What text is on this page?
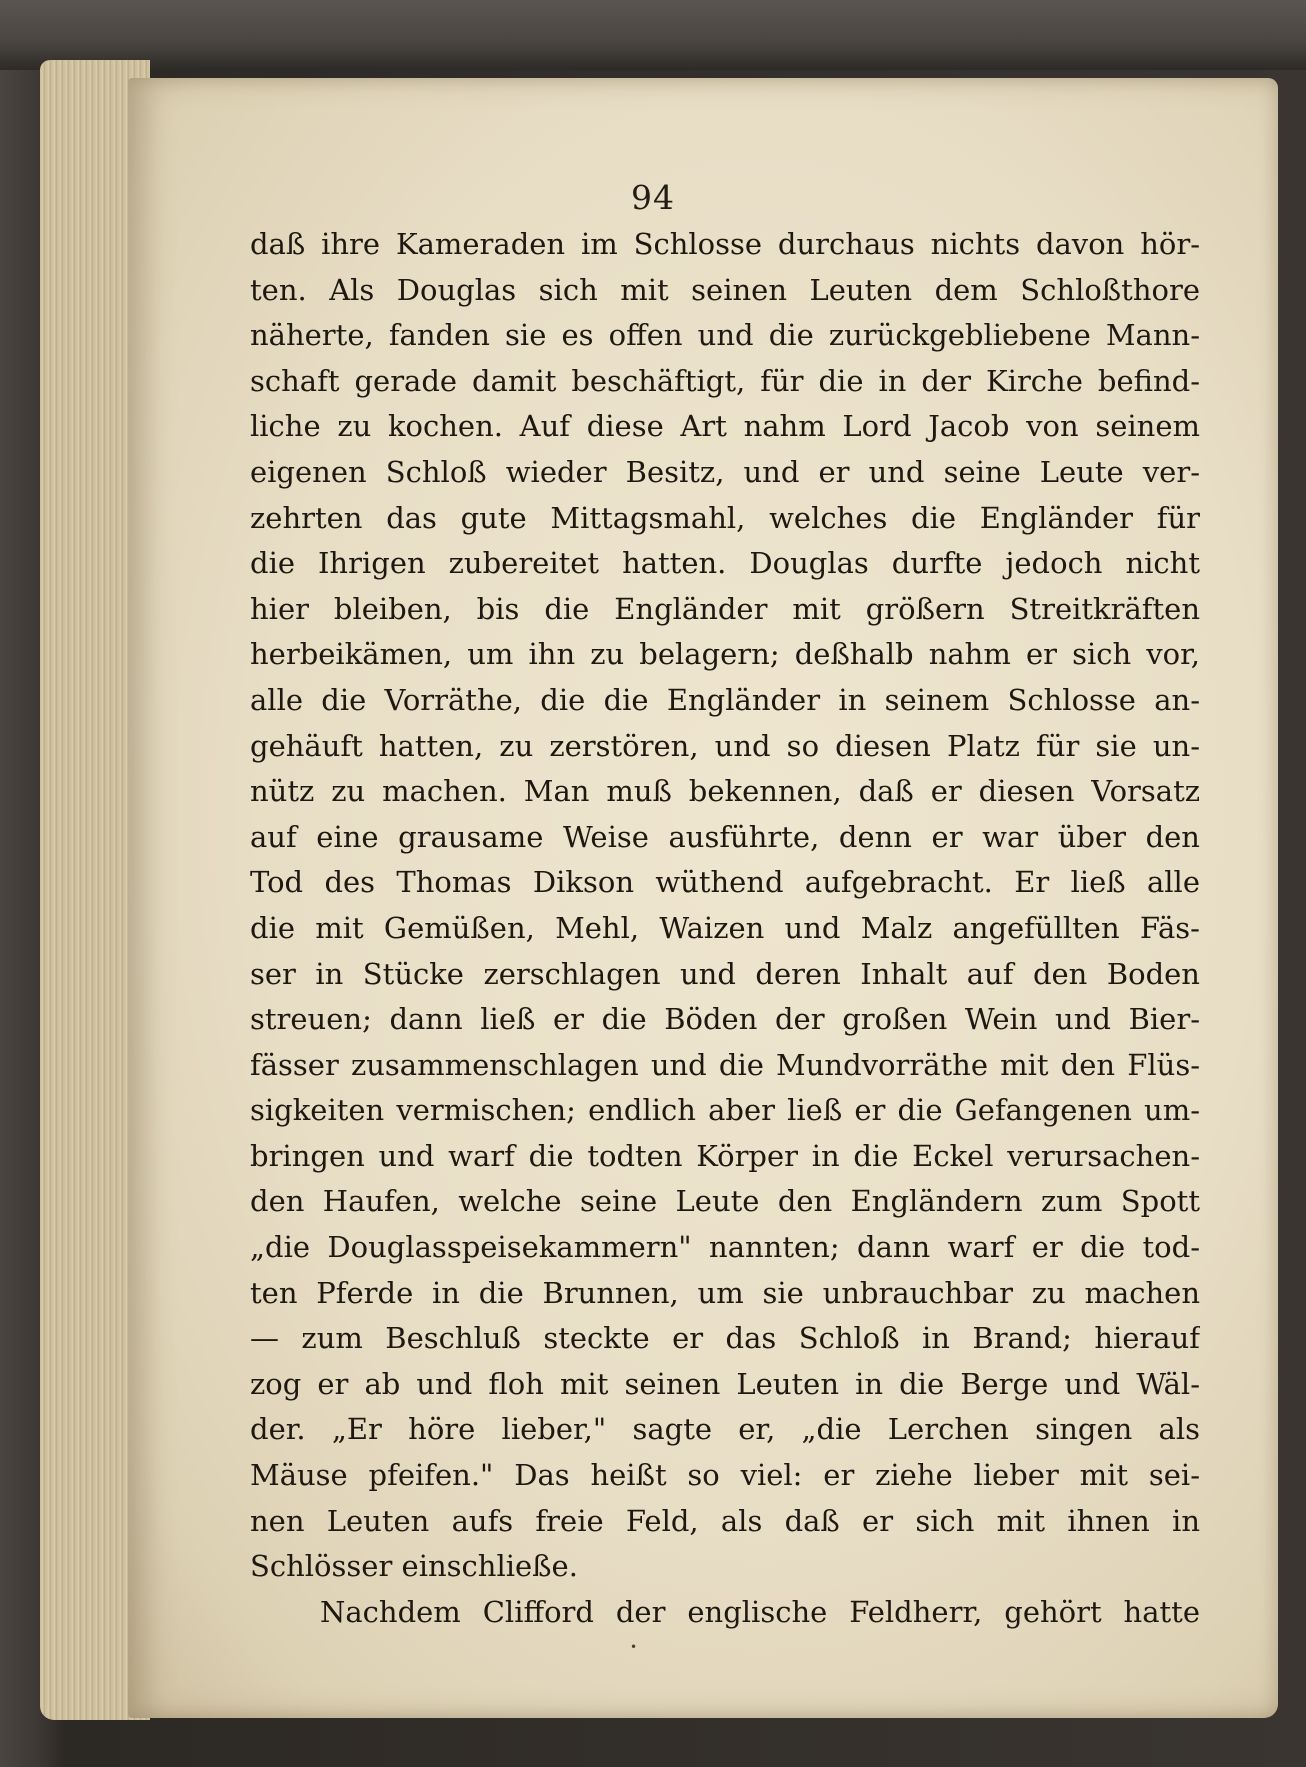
94
daß ihre Kameraden im Schlosse durchaus nichts davon hör-
ten. Als Douglas sich mit seinen Leuten dem Schloßthore
näherte, fanden sie es offen und die zurückgebliebene Mann-
schaft gerade damit beschäftigt, für die in der Kirche befind-
liche zu kochen. Auf diese Art nahm Lord Jacob von seinem
eigenen Schloß wieder Besitz, und er und seine Leute ver-
zehrten das gute Mittagsmahl, welches die Engländer für
die Ihrigen zubereitet hatten. Douglas durfte jedoch nicht
hier bleiben, bis die Engländer mit größern Streitkräften
herbeikämen, um ihn zu belagern; deßhalb nahm er sich vor,
alle die Vorräthe, die die Engländer in seinem Schlosse an-
gehäuft hatten, zu zerstören, und so diesen Platz für sie un-
nütz zu machen. Man muß bekennen, daß er diesen Vorsatz
auf eine grausame Weise ausführte, denn er war über den
Tod des Thomas Dikson wüthend aufgebracht. Er ließ alle
die mit Gemüßen, Mehl, Waizen und Malz angefüllten Fäs-
ser in Stücke zerschlagen und deren Inhalt auf den Boden
streuen; dann ließ er die Böden der großen Wein und Bier-
fässer zusammenschlagen und die Mundvorräthe mit den Flüs-
sigkeiten vermischen; endlich aber ließ er die Gefangenen um-
bringen und warf die todten Körper in die Eckel verursachen-
den Haufen, welche seine Leute den Engländern zum Spott
„die Douglasspeisekammern" nannten; dann warf er die tod-
ten Pferde in die Brunnen, um sie unbrauchbar zu machen
— zum Beschluß steckte er das Schloß in Brand; hierauf
zog er ab und floh mit seinen Leuten in die Berge und Wäl-
der. „Er höre lieber," sagte er, „die Lerchen singen als
Mäuse pfeifen." Das heißt so viel: er ziehe lieber mit sei-
nen Leuten aufs freie Feld, als daß er sich mit ihnen in
Schlösser einschließe.
Nachdem Clifford der englische Feldherr, gehört hatte
•
